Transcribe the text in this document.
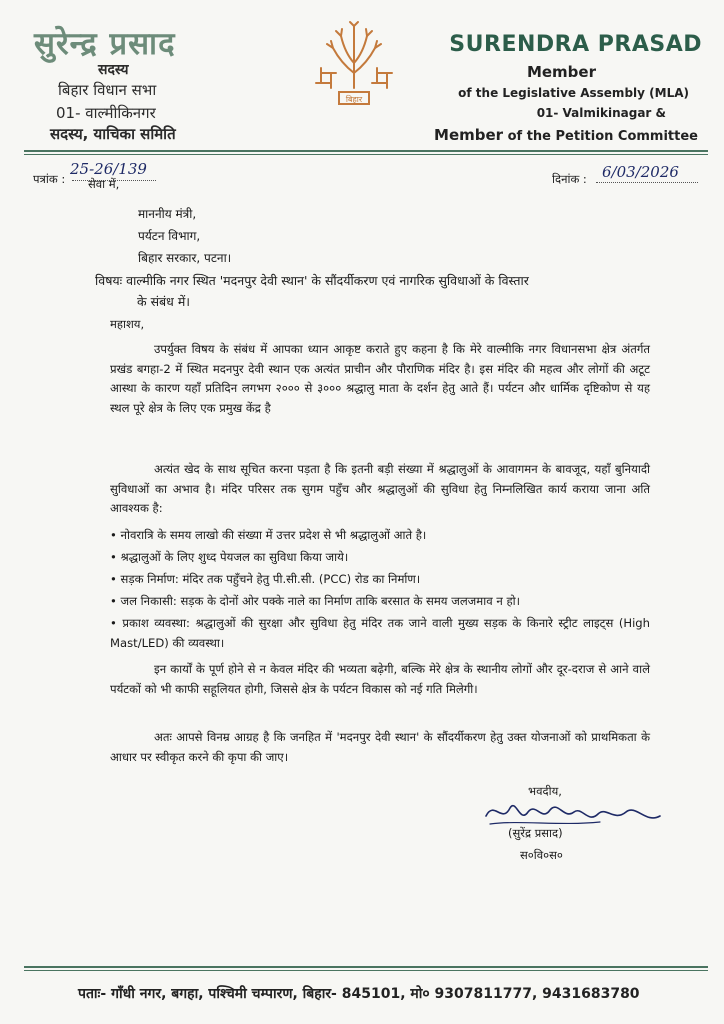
सुरेन्द्र प्रसाद
सदस्य
बिहार विधान सभा
01- वाल्मीकिनगर
सदस्य, याचिका समिति
बिहार
SURENDRA PRASAD
Member
of the Legislative Assembly (MLA)
01- Valmikinagar &
Member of the Petition Committee
पत्रांक :
25-26/139
सेवा में,	दिनांक : 6/03/2026
माननीय मंत्री,
पर्यटन विभाग,
बिहार सरकार, पटना।
विषयः वाल्मीकि नगर स्थित 'मदनपुर देवी स्थान' के सौंदर्यीकरण एवं नागरिक सुविधाओं के विस्तार
के संबंध में।
महाशय,

उपर्युक्त विषय के संबंध में आपका ध्यान आकृष्ट कराते हुए कहना है कि मेरे वाल्मीकि नगर विधानसभा क्षेत्र अंतर्गत प्रखंड बगहा-2 में स्थित मदनपुर देवी स्थान एक अत्यंत प्राचीन और पौराणिक मंदिर है। इस मंदिर की महत्व और लोगों की अटूट आस्था के कारण यहाँ प्रतिदिन लगभग २००० से ३००० श्रद्धालु माता के दर्शन हेतु आते हैं। पर्यटन और धार्मिक दृष्टिकोण से यह स्थल पूरे क्षेत्र के लिए एक प्रमुख केंद्र है

अत्यंत खेद के साथ सूचित करना पड़ता है कि इतनी बड़ी संख्या में श्रद्धालुओं के आवागमन के बावजूद, यहाँ बुनियादी सुविधाओं का अभाव है। मंदिर परिसर तक सुगम पहुँच और श्रद्धालुओं की सुविधा हेतु निम्नलिखित कार्य कराया जाना अति आवश्यक है:

• नोवरात्रि के समय लाखो की संख्या में उत्तर प्रदेश से भी श्रद्धालुओं आते है।
• श्रद्धालुओं के लिए शुध्द पेयजल का सुविधा किया जाये।
• सड़क निर्माण: मंदिर तक पहुँचने हेतु पी.सी.सी. (PCC) रोड का निर्माण।
• जल निकासी: सड़क के दोनों ओर पक्के नाले का निर्माण ताकि बरसात के समय जलजमाव न हो।

• प्रकाश व्यवस्था: श्रद्धालुओं की सुरक्षा और सुविधा हेतु मंदिर तक जाने वाली मुख्य सड़क के किनारे स्ट्रीट लाइट्स (High Mast/LED) की व्यवस्था।

इन कार्यों के पूर्ण होने से न केवल मंदिर की भव्यता बढ़ेगी, बल्कि मेरे क्षेत्र के स्थानीय लोगों और दूर-दराज से आने वाले पर्यटकों को भी काफी सहूलियत होगी, जिससे क्षेत्र के पर्यटन विकास को नई गति मिलेगी।

अतः आपसे विनम्र आग्रह है कि जनहित में 'मदनपुर देवी स्थान' के सौंदर्यीकरण हेतु उक्त योजनाओं को प्राथमिकता के आधार पर स्वीकृत करने की कृपा की जाए।

भवदीय,
(सुरेंद्र प्रसाद)
स०वि०स०
पताः- गाँधी नगर, बगहा, पश्चिमी चम्पारण, बिहार- 845101, मो० 9307811777, 9431683780
